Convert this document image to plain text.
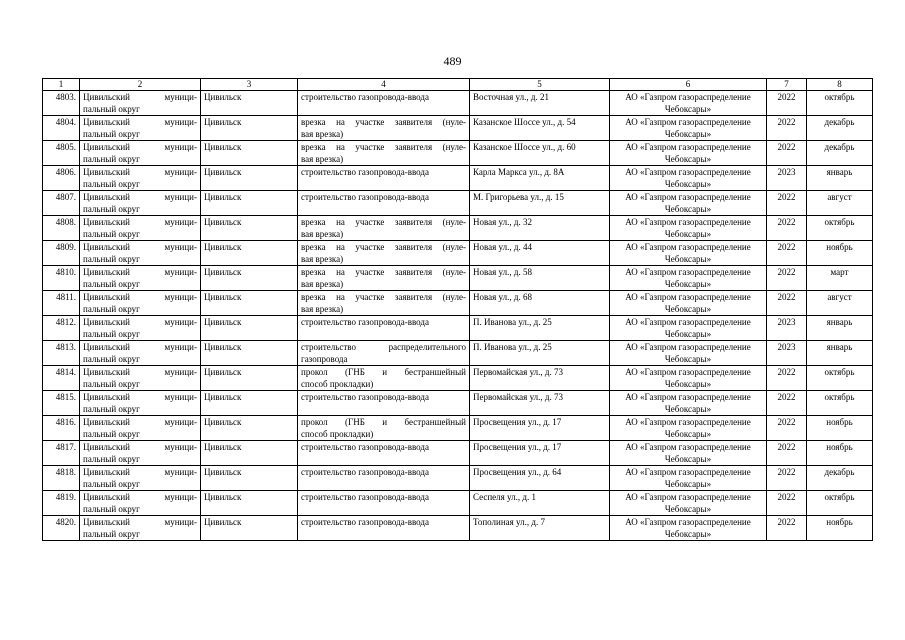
489
1	2	3	4	5	6	7	8

4803.	Цивильский муници-
пальный округ	Цивильск	строительство газопровода-ввода	Восточная ул., д. 21	АО «Газпром газораспределение
Чебоксары»	2022	октябрь

4804.	Цивильский муници-
пальный округ	Цивильск	врезка на участке заявителя (нуле-
вая врезка)	Казанское Шоссе ул., д. 54	АО «Газпром газораспределение
Чебоксары»	2022	декабрь

4805.	Цивильский муници-
пальный округ	Цивильск	врезка на участке заявителя (нуле-
вая врезка)	Казанское Шоссе ул., д. 60	АО «Газпром газораспределение
Чебоксары»	2022	декабрь

4806.	Цивильский муници-
пальный округ	Цивильск	строительство газопровода-ввода	Карла Маркса ул., д. 8А	АО «Газпром газораспределение
Чебоксары»	2023	январь

4807.	Цивильский муници-
пальный округ	Цивильск	строительство газопровода-ввода	М. Григорьева ул., д. 15	АО «Газпром газораспределение
Чебоксары»	2022	август

4808.	Цивильский муници-
пальный округ	Цивильск	врезка на участке заявителя (нуле-
вая врезка)	Новая ул., д. 32	АО «Газпром газораспределение
Чебоксары»	2022	октябрь

4809.	Цивильский муници-
пальный округ	Цивильск	врезка на участке заявителя (нуле-
вая врезка)	Новая ул., д. 44	АО «Газпром газораспределение
Чебоксары»	2022	ноябрь

4810.	Цивильский муници-
пальный округ	Цивильск	врезка на участке заявителя (нуле-
вая врезка)	Новая ул., д. 58	АО «Газпром газораспределение
Чебоксары»	2022	март

4811.	Цивильский муници-
пальный округ	Цивильск	врезка на участке заявителя (нуле-
вая врезка)	Новая ул., д. 68	АО «Газпром газораспределение
Чебоксары»	2022	август

4812.	Цивильский муници-
пальный округ	Цивильск	строительство газопровода-ввода	П. Иванова ул., д. 25	АО «Газпром газораспределение
Чебоксары»	2023	январь

4813.	Цивильский муници-
пальный округ	Цивильск	строительство распределительного
газопровода	П. Иванова ул., д. 25	АО «Газпром газораспределение
Чебоксары»	2023	январь

4814.	Цивильский муници-
пальный округ	Цивильск	прокол (ГНБ и бестраншейный
способ прокладки)	Первомайская ул., д. 73	АО «Газпром газораспределение
Чебоксары»	2022	октябрь

4815.	Цивильский муници-
пальный округ	Цивильск	строительство газопровода-ввода	Первомайская ул., д. 73	АО «Газпром газораспределение
Чебоксары»	2022	октябрь

4816.	Цивильский муници-
пальный округ	Цивильск	прокол (ГНБ и бестраншейный
способ прокладки)	Просвещения ул., д. 17	АО «Газпром газораспределение
Чебоксары»	2022	ноябрь

4817.	Цивильский муници-
пальный округ	Цивильск	строительство газопровода-ввода	Просвещения ул., д. 17	АО «Газпром газораспределение
Чебоксары»	2022	ноябрь

4818.	Цивильский муници-
пальный округ	Цивильск	строительство газопровода-ввода	Просвещения ул., д. 64	АО «Газпром газораспределение
Чебоксары»	2022	декабрь

4819.	Цивильский муници-
пальный округ	Цивильск	строительство газопровода-ввода	Сеспеля ул., д. 1	АО «Газпром газораспределение
Чебоксары»	2022	октябрь

4820.	Цивильский муници-
пальный округ	Цивильск	строительство газопровода-ввода	Тополиная ул., д. 7	АО «Газпром газораспределение
Чебоксары»	2022	ноябрь
